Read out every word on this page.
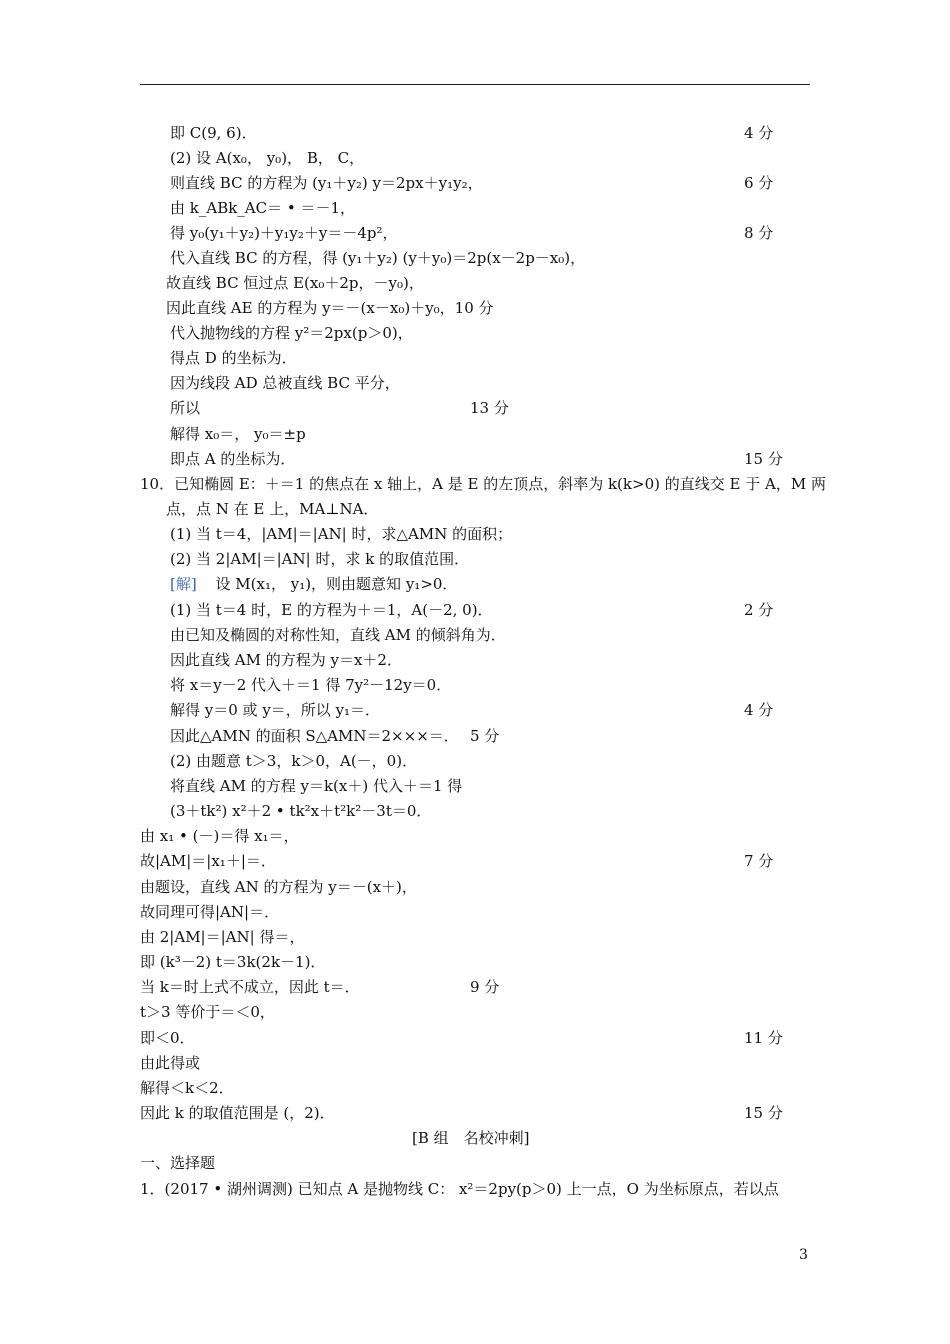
即 C(9, 6)．	4 分
(2) 设 A(x₀， y₀)， B， C，
则直线 BC 的方程为 (y₁＋y₂) y＝2px＋y₁y₂，	6 分
由 k_ABk_AC＝ • ＝－1，
得 y₀(y₁＋y₂)＋y₁y₂＋y＝－4p²，	8 分
代入直线 BC 的方程，得 (y₁＋y₂) (y＋y₀)＝2p(x－2p－x₀)，
故直线 BC 恒过点 E(x₀＋2p，－y₀)，
因此直线 AE 的方程为 y＝－(x－x₀)＋y₀，10 分
代入抛物线的方程 y²＝2px(p＞0)，
得点 D 的坐标为．
因为线段 AD 总被直线 BC 平分，
所以	13 分
解得 x₀＝， y₀＝±p
即点 A 的坐标为．	15 分
10．已知椭圆 E：＋＝1 的焦点在 x 轴上，A 是 E 的左顶点，斜率为 k(k>0) 的直线交 E 于 A，M 两
点，点 N 在 E 上，MA⊥NA．
(1) 当 t＝4，|AM|＝|AN| 时，求△AMN 的面积；
(2) 当 2|AM|＝|AN| 时，求 k 的取值范围．
[解] 设 M(x₁， y₁)，则由题意知 y₁>0．
(1) 当 t＝4 时，E 的方程为＋＝1，A(－2, 0)．	2 分
由已知及椭圆的对称性知，直线 AM 的倾斜角为．
因此直线 AM 的方程为 y＝x＋2．
将 x＝y－2 代入＋＝1 得 7y²－12y＝0．
解得 y＝0 或 y＝，所以 y₁＝．	4 分
因此△AMN 的面积 S△AMN＝2×××＝． 5 分
(2) 由题意 t＞3，k＞0，A(－，0)．
将直线 AM 的方程 y＝k(x＋) 代入＋＝1 得
(3＋tk²) x²＋2 • tk²x＋t²k²－3t＝0．
由 x₁ • (－)＝得 x₁＝，
故|AM|＝|x₁＋|＝．	7 分
由题设，直线 AN 的方程为 y＝－(x＋)，
故同理可得|AN|＝．
由 2|AM|＝|AN| 得＝，
即 (k³－2) t＝3k(2k－1)．
当 k＝时上式不成立，因此 t＝．	9 分
t＞3 等价于＝＜0，
即＜0．	11 分
由此得或
解得＜k＜2．
因此 k 的取值范围是 (，2)．	15 分
[B 组　名校冲刺]
一、选择题
1．(2017 • 湖州调测) 已知点 A 是抛物线 C： x²＝2py(p＞0) 上一点，O 为坐标原点，若以点
3
